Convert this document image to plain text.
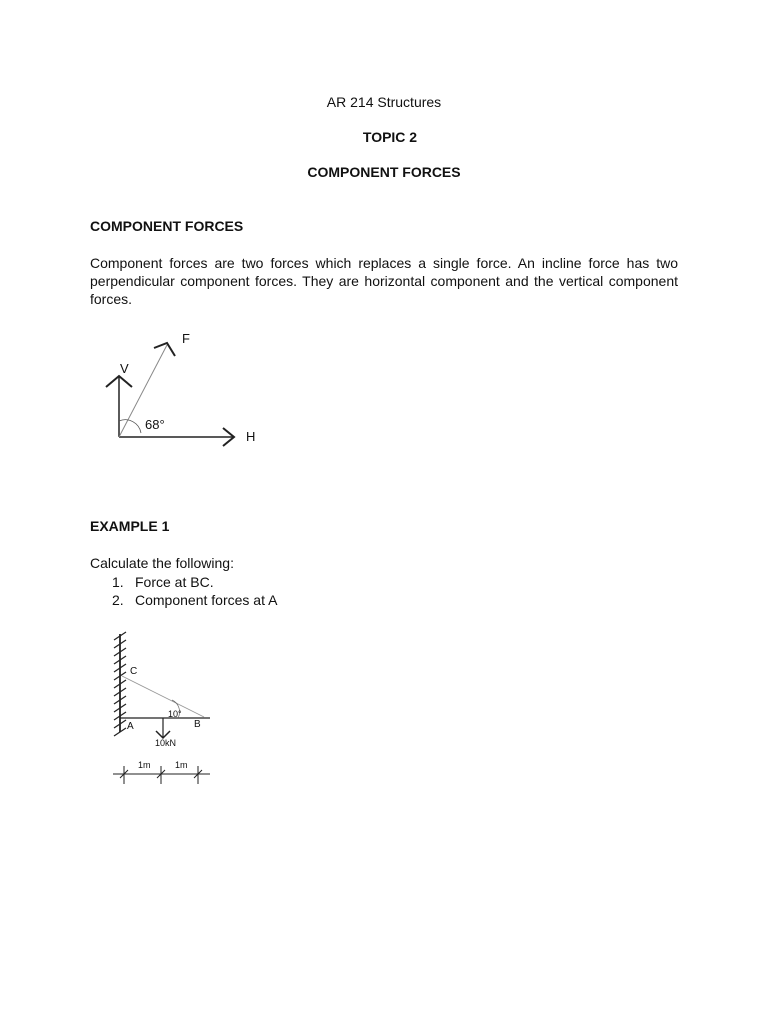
AR 214 Structures
TOPIC 2
COMPONENT FORCES
COMPONENT FORCES
Component forces are two forces which replaces a single force. An incline force has two perpendicular component forces. They are horizontal component and the vertical component forces.
F
V
H
68°
EXAMPLE 1
Calculate the following:
1. Force at BC.
2. Component forces at A
C
A	B
10°
10kN
1m	1m
